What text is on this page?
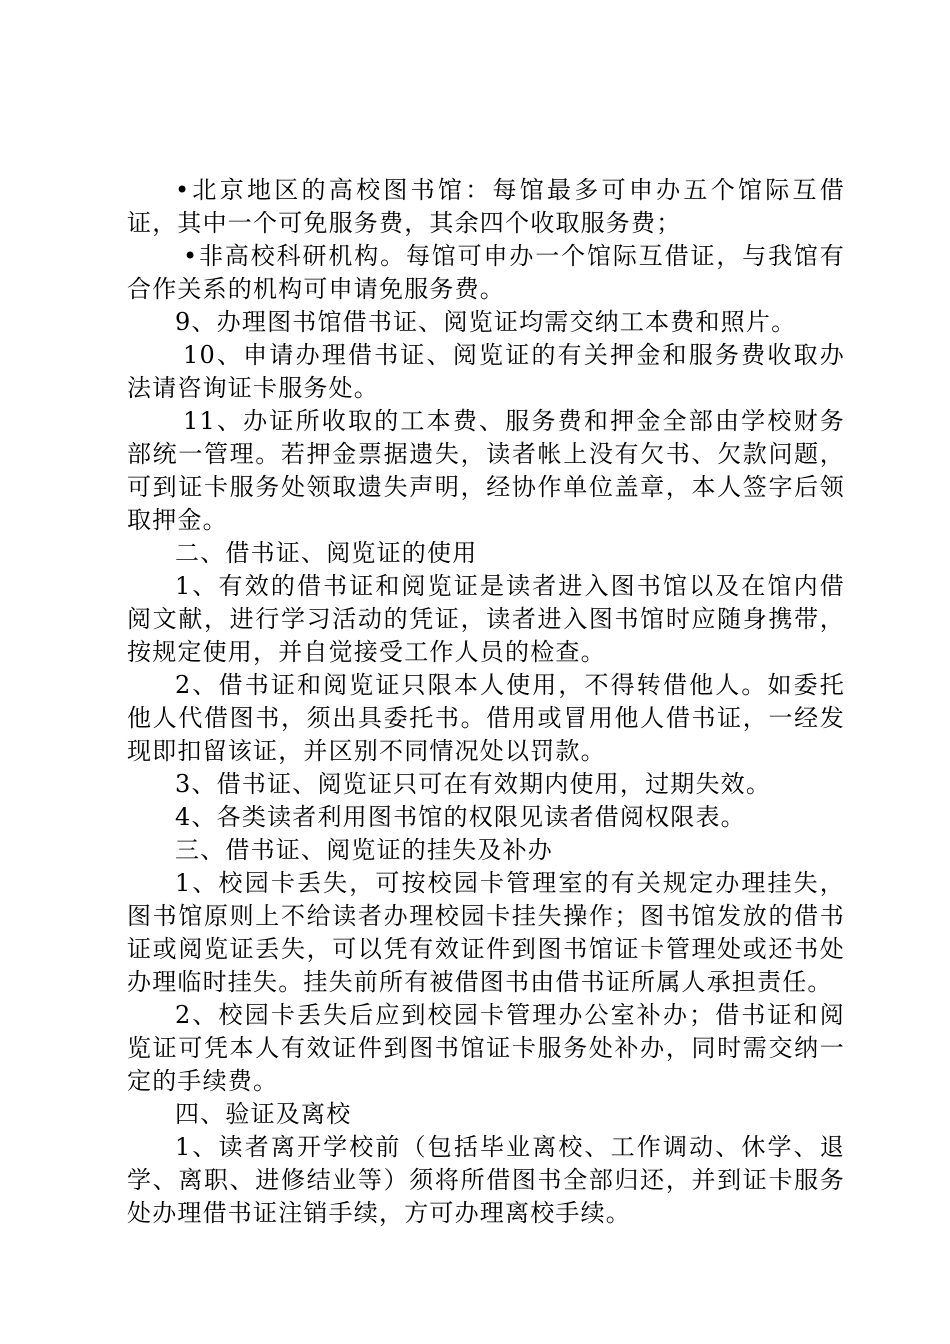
•北京地区的高校图书馆：每馆最多可申办五个馆际互借证，其中一个可免服务费，其余四个收取服务费；

•非高校科研机构。每馆可申办一个馆际互借证，与我馆有合作关系的机构可申请免服务费。

9、办理图书馆借书证、阅览证均需交纳工本费和照片。

10、申请办理借书证、阅览证的有关押金和服务费收取办法请咨询证卡服务处。

11、办证所收取的工本费、服务费和押金全部由学校财务部统一管理。若押金票据遗失，读者帐上没有欠书、欠款问题，可到证卡服务处领取遗失声明，经协作单位盖章，本人签字后领取押金。

二、借书证、阅览证的使用

1、有效的借书证和阅览证是读者进入图书馆以及在馆内借阅文献，进行学习活动的凭证，读者进入图书馆时应随身携带，按规定使用，并自觉接受工作人员的检查。

2、借书证和阅览证只限本人使用，不得转借他人。如委托他人代借图书，须出具委托书。借用或冒用他人借书证，一经发现即扣留该证，并区别不同情况处以罚款。

3、借书证、阅览证只可在有效期内使用，过期失效。

4、各类读者利用图书馆的权限见读者借阅权限表。

三、借书证、阅览证的挂失及补办

1、校园卡丢失，可按校园卡管理室的有关规定办理挂失，图书馆原则上不给读者办理校园卡挂失操作；图书馆发放的借书证或阅览证丢失，可以凭有效证件到图书馆证卡管理处或还书处办理临时挂失。挂失前所有被借图书由借书证所属人承担责任。

2、校园卡丢失后应到校园卡管理办公室补办；借书证和阅览证可凭本人有效证件到图书馆证卡服务处补办，同时需交纳一定的手续费。

四、验证及离校

1、读者离开学校前（包括毕业离校、工作调动、休学、退学、离职、进修结业等）须将所借图书全部归还，并到证卡服务处办理借书证注销手续，方可办理离校手续。
